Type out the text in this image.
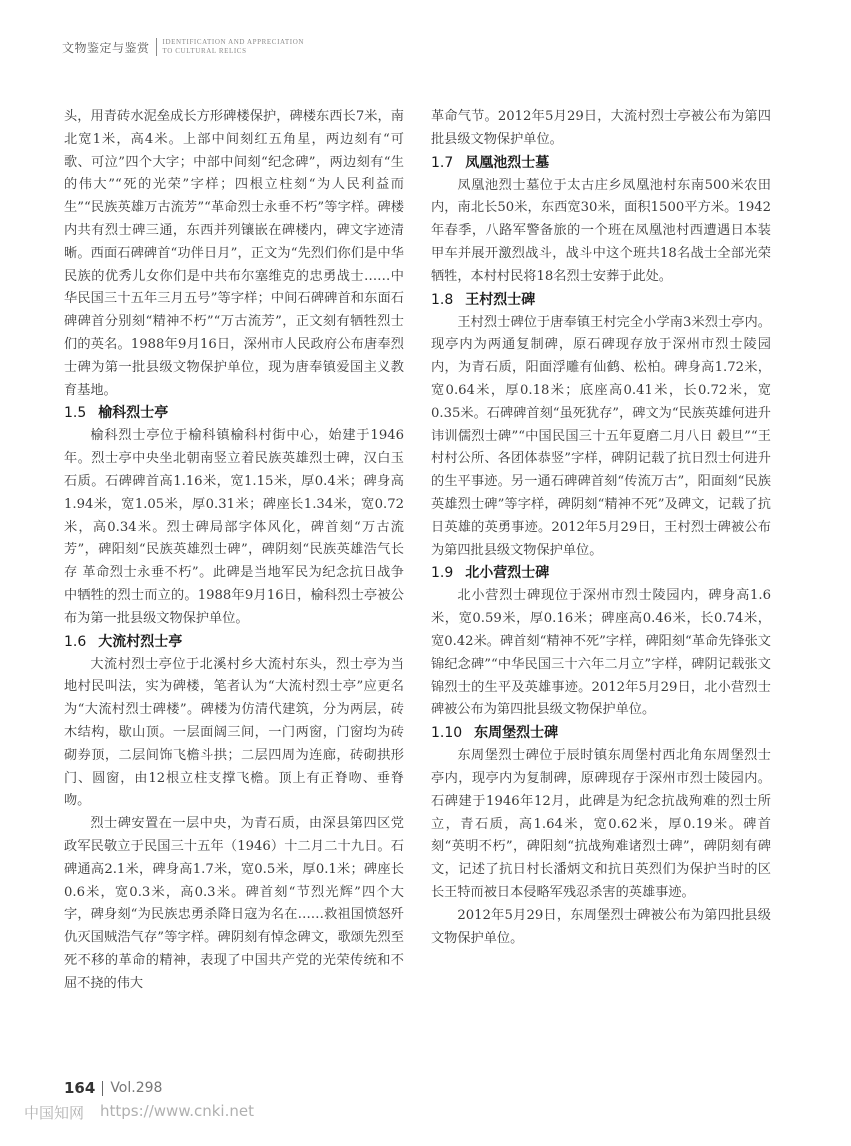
文物鉴定与鉴赏 IDENTIFICATION AND APPRECIATION
TO CULTURAL RELICS

头，用青砖水泥垒成长方形碑楼保护，碑楼东西长7米，南北宽1米，高4米。上部中间刻红五角星，两边刻有“可歌、可泣”四个大字；中部中间刻“纪念碑”，两边刻有“生的伟大”“死的光荣”字样；四根立柱刻“为人民利益而生”“民族英雄万古流芳”“革命烈士永垂不朽”等字样。碑楼内共有烈士碑三通，东西并列镶嵌在碑楼内，碑文字迹清晰。西面石碑碑首“功伴日月”，正文为“先烈们你们是中华民族的优秀儿女你们是中共布尔塞维克的忠勇战士……中华民国三十五年三月五号”等字样；中间石碑碑首和东面石碑碑首分别刻“精神不朽”“万古流芳”，正文刻有牺牲烈士们的英名。1988年9月16日，深州市人民政府公布唐奉烈士碑为第一批县级文物保护单位，现为唐奉镇爱国主义教育基地。

1.5 榆科烈士亭

榆科烈士亭位于榆科镇榆科村街中心，始建于1946年。烈士亭中央坐北朝南竖立着民族英雄烈士碑，汉白玉石质。石碑碑首高1.16米，宽1.15米，厚0.4米；碑身高1.94米，宽1.05米，厚0.31米；碑座长1.34米，宽0.72米，高0.34米。烈士碑局部字体风化，碑首刻“万古流芳”，碑阳刻“民族英雄烈士碑”，碑阴刻“民族英雄浩气长存 革命烈士永垂不朽”。此碑是当地军民为纪念抗日战争中牺牲的烈士而立的。1988年9月16日，榆科烈士亭被公布为第一批县级文物保护单位。

1.6 大流村烈士亭

大流村烈士亭位于北溪村乡大流村东头，烈士亭为当地村民叫法，实为碑楼，笔者认为“大流村烈士亭”应更名为“大流村烈士碑楼”。碑楼为仿清代建筑，分为两层，砖木结构，歇山顶。一层面阔三间，一门两窗，门窗均为砖砌券顶，二层间饰飞檐斗拱；二层四周为连廊，砖砌拱形门、圆窗，由12根立柱支撑飞檐。顶上有正脊吻、垂脊吻。

烈士碑安置在一层中央，为青石质，由深县第四区党政军民敬立于民国三十五年（1946）十二月二十九日。石碑通高2.1米，碑身高1.7米，宽0.5米，厚0.1米；碑座长0.6米，宽0.3米，高0.3米。碑首刻“节烈光辉”四个大字，碑身刻“为民族忠勇杀降日寇为名在……救祖国愤怒歼仇灭国贼浩气存”等字样。碑阴刻有悼念碑文，歌颂先烈至死不移的革命的精神，表现了中国共产党的光荣传统和不屈不挠的伟大

革命气节。2012年5月29日，大流村烈士亭被公布为第四批县级文物保护单位。

1.7 凤凰池烈士墓

凤凰池烈士墓位于太古庄乡凤凰池村东南500米农田内，南北长50米，东西宽30米，面积1500平方米。1942年春季，八路军警备旅的一个班在凤凰池村西遭遇日本装甲车并展开激烈战斗，战斗中这个班共18名战士全部光荣牺牲，本村村民将18名烈士安葬于此处。

1.8 王村烈士碑

王村烈士碑位于唐奉镇王村完全小学南3米烈士亭内。现亭内为两通复制碑，原石碑现存放于深州市烈士陵园内，为青石质，阳面浮雕有仙鹤、松柏。碑身高1.72米，宽0.64米，厚0.18米；底座高0.41米，长0.72米，宽0.35米。石碑碑首刻“虽死犹存”，碑文为“民族英雄何进升讳训儒烈士碑”“中国民国三十五年夏磨二月八日 毂旦”“王村村公所、各团体恭竖”字样，碑阴记载了抗日烈士何进升的生平事迹。另一通石碑碑首刻“传流万古”，阳面刻“民族英雄烈士碑”等字样，碑阴刻“精神不死”及碑文，记载了抗日英雄的英勇事迹。2012年5月29日，王村烈士碑被公布为第四批县级文物保护单位。

1.9 北小营烈士碑

北小营烈士碑现位于深州市烈士陵园内，碑身高1.6米，宽0.59米，厚0.16米；碑座高0.46米，长0.74米，宽0.42米。碑首刻“精神不死”字样，碑阳刻“革命先锋张文锦纪念碑”“中华民国三十六年二月立”字样，碑阴记载张文锦烈士的生平及英雄事迹。2012年5月29日，北小营烈士碑被公布为第四批县级文物保护单位。

1.10 东周堡烈士碑

东周堡烈士碑位于辰时镇东周堡村西北角东周堡烈士亭内，现亭内为复制碑，原碑现存于深州市烈士陵园内。石碑建于1946年12月，此碑是为纪念抗战殉难的烈士所立，青石质，高1.64米，宽0.62米，厚0.19米。碑首刻“英明不朽”，碑阳刻“抗战殉难诸烈士碑”，碑阴刻有碑文，记述了抗日村长潘炳文和抗日英烈们为保护当时的区长王特而被日本侵略军残忍杀害的英雄事迹。

2012年5月29日，东周堡烈士碑被公布为第四批县级文物保护单位。

164 Vol.298
中国知网 https://www.cnki.net
